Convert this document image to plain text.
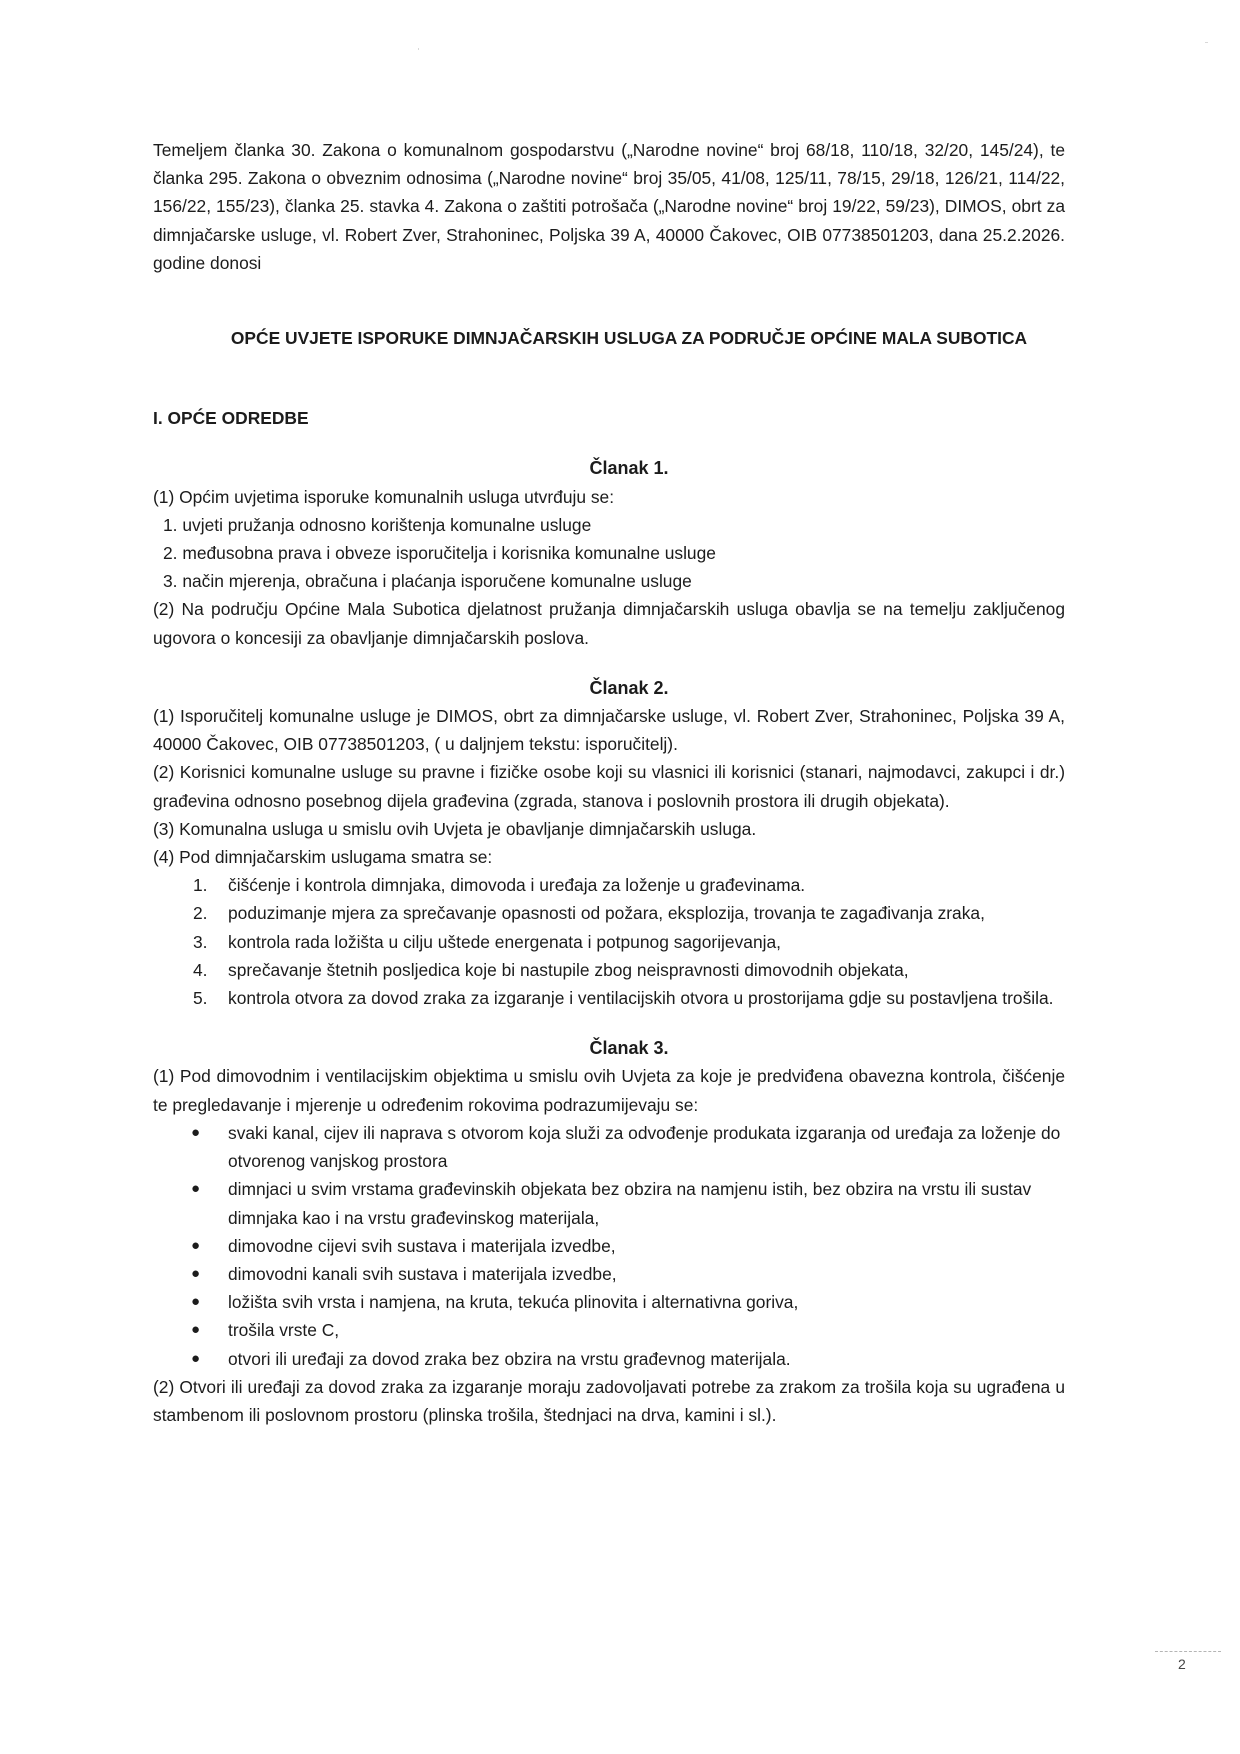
Temeljem članka 30. Zakona o komunalnom gospodarstvu („Narodne novine“ broj 68/18, 110/18, 32/20, 145/24), te članka 295. Zakona o obveznim odnosima („Narodne novine“ broj 35/05, 41/08, 125/11, 78/15, 29/18, 126/21, 114/22, 156/22, 155/23), članka 25. stavka 4. Zakona o zaštiti potrošača („Narodne novine“ broj 19/22, 59/23), DIMOS, obrt za dimnjačarske usluge, vl. Robert Zver, Strahoninec, Poljska 39 A, 40000 Čakovec, OIB 07738501203, dana 25.2.2026. godine donosi

OPĆE UVJETE ISPORUKE DIMNJAČARSKIH USLUGA ZA PODRUČJE OPĆINE MALA SUBOTICA

I. OPĆE ODREDBE

Članak 1.

(1) Općim uvjetima isporuke komunalnih usluga utvrđuju se:

1. uvjeti pružanja odnosno korištenja komunalne usluge
2. međusobna prava i obveze isporučitelja i korisnika komunalne usluge
3. način mjerenja, obračuna i plaćanja isporučene komunalne usluge

(2) Na području Općine Mala Subotica djelatnost pružanja dimnjačarskih usluga obavlja se na temelju zaključenog ugovora o koncesiji za obavljanje dimnjačarskih poslova.

Članak 2.

(1) Isporučitelj komunalne usluge je DIMOS, obrt za dimnjačarske usluge, vl. Robert Zver, Strahoninec, Poljska 39 A, 40000 Čakovec, OIB 07738501203, ( u daljnjem tekstu: isporučitelj).

(2) Korisnici komunalne usluge su pravne i fizičke osobe koji su vlasnici ili korisnici (stanari, najmodavci, zakupci i dr.) građevina odnosno posebnog dijela građevina (zgrada, stanova i poslovnih prostora ili drugih objekata).

(3) Komunalna usluga u smislu ovih Uvjeta je obavljanje dimnjačarskih usluga.

(4) Pod dimnjačarskim uslugama smatra se:

1. čišćenje i kontrola dimnjaka, dimovoda i uređaja za loženje u građevinama.
2. poduzimanje mjera za sprečavanje opasnosti od požara, eksplozija, trovanja te zagađivanja zraka,
3. kontrola rada ložišta u cilju uštede energenata i potpunog sagorijevanja,
4. sprečavanje štetnih posljedica koje bi nastupile zbog neispravnosti dimovodnih objekata,
5. kontrola otvora za dovod zraka za izgaranje i ventilacijskih otvora u prostorijama gdje su postavljena trošila.

Članak 3.

(1) Pod dimovodnim i ventilacijskim objektima u smislu ovih Uvjeta za koje je predviđena obavezna kontrola, čišćenje te pregledavanje i mjerenje u određenim rokovima podrazumijevaju se:

● svaki kanal, cijev ili naprava s otvorom koja služi za odvođenje produkata izgaranja od uređaja za loženje do otvorenog vanjskog prostora
● dimnjaci u svim vrstama građevinskih objekata bez obzira na namjenu istih, bez obzira na vrstu ili sustav dimnjaka kao i na vrstu građevinskog materijala,
● dimovodne cijevi svih sustava i materijala izvedbe,
● dimovodni kanali svih sustava i materijala izvedbe,
● ložišta svih vrsta i namjena, na kruta, tekuća plinovita i alternativna goriva,
● trošila vrste C,
● otvori ili uređaji za dovod zraka bez obzira na vrstu građevnog materijala.

(2) Otvori ili uređaji za dovod zraka za izgaranje moraju zadovoljavati potrebe za zrakom za trošila koja su ugrađena u stambenom ili poslovnom prostoru (plinska trošila, štednjaci na drva, kamini i sl.).

2
